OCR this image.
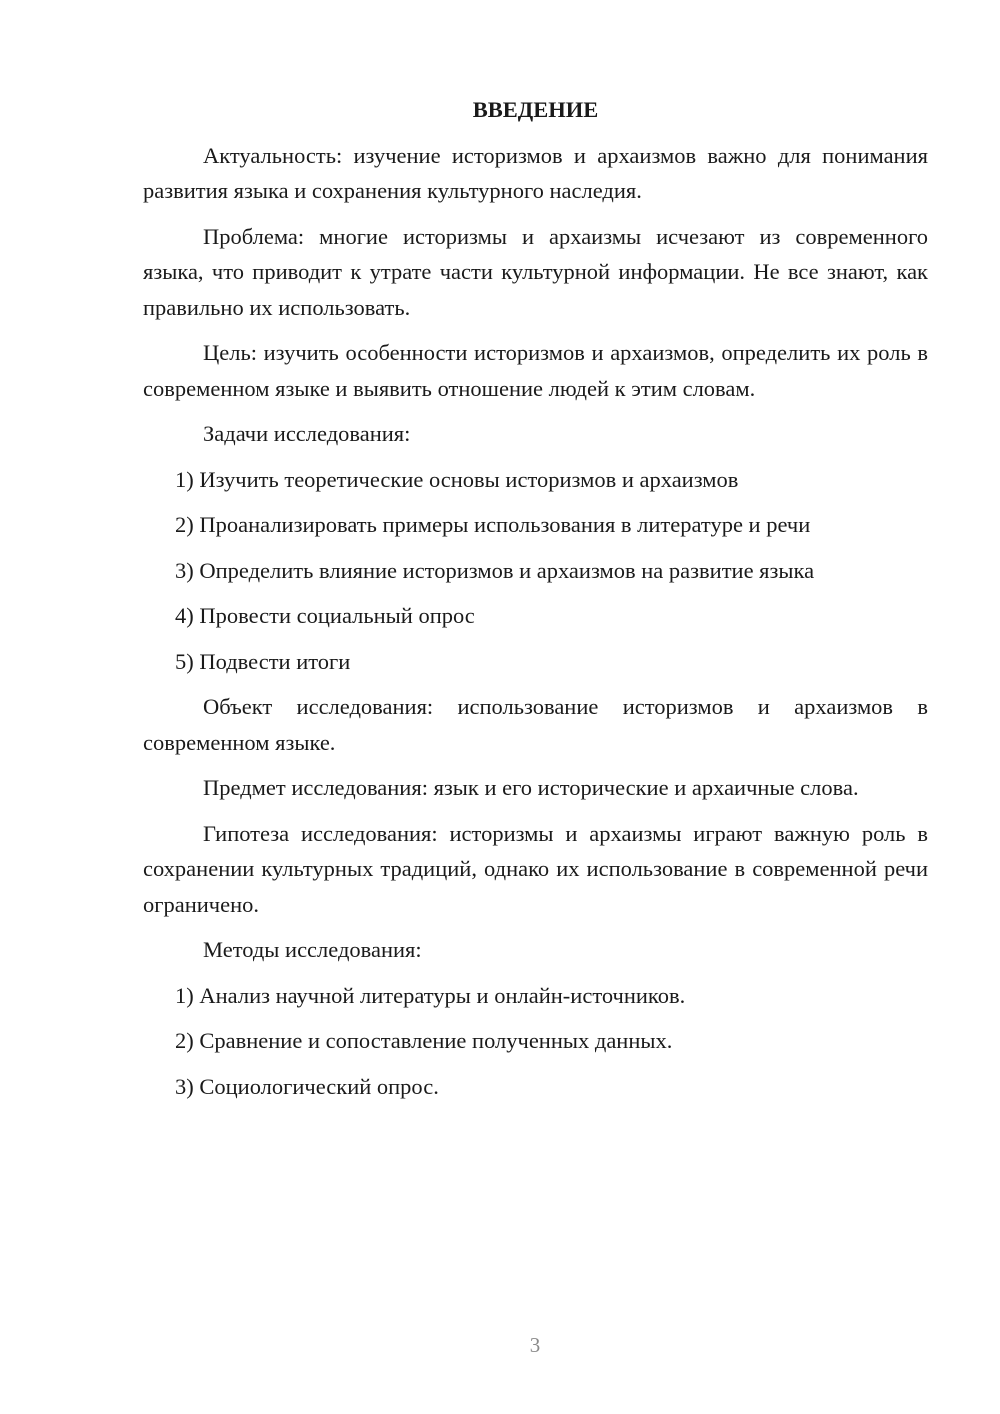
ВВЕДЕНИЕ

Актуальность: изучение историзмов и архаизмов важно для понимания развития языка и сохранения культурного наследия.

Проблема: многие историзмы и архаизмы исчезают из современного языка, что приводит к утрате части культурной информации. Не все знают, как правильно их использовать.

Цель: изучить особенности историзмов и архаизмов, определить их роль в современном языке и выявить отношение людей к этим словам.

Задачи исследования:

1) Изучить теоретические основы историзмов и архаизмов
2) Проанализировать примеры использования в литературе и речи
3) Определить влияние историзмов и архаизмов на развитие языка
4) Провести социальный опрос
5) Подвести итоги

Объект исследования: использование историзмов и архаизмов в современном языке.

Предмет исследования: язык и его исторические и архаичные слова.

Гипотеза исследования: историзмы и архаизмы играют важную роль в сохранении культурных традиций, однако их использование в современной речи ограничено.

Методы исследования:

1) Анализ научной литературы и онлайн-источников.
2) Сравнение и сопоставление полученных данных.
3) Социологический опрос.
3
